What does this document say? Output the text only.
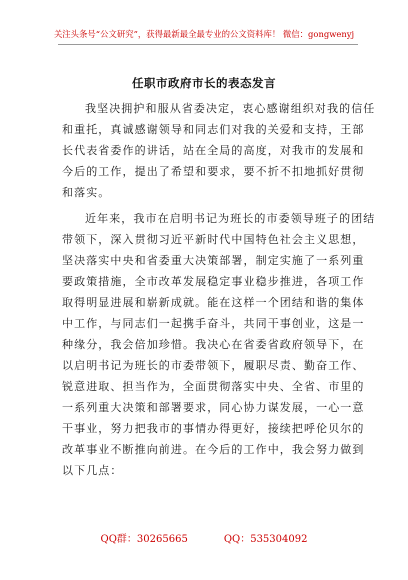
关注头条号“公文研究”，获得最新最全最专业的公文资料库！ 微信：gongwenyj
任职市政府市长的表态发言
我坚决拥护和服从省委决定，衷心感谢组织对我的信任
和重托，真诚感谢领导和同志们对我的关爱和支持，王部
长代表省委作的讲话，站在全局的高度，对我市的发展和
今后的工作，提出了希望和要求，要不折不扣地抓好贯彻
和落实。
近年来，我市在启明书记为班长的市委领导班子的团结
带领下，深入贯彻习近平新时代中国特色社会主义思想，
坚决落实中央和省委重大决策部署，制定实施了一系列重
要政策措施，全市改革发展稳定事业稳步推进，各项工作
取得明显进展和崭新成就。能在这样一个团结和谐的集体
中工作，与同志们一起携手奋斗，共同干事创业，这是一
种缘分，我会倍加珍惜。我决心在省委省政府领导下，在
以启明书记为班长的市委带领下，履职尽责、勤奋工作、
锐意进取、担当作为，全面贯彻落实中央、全省、市里的
一系列重大决策和部署要求，同心协力谋发展，一心一意
干事业，努力把我市的事情办得更好，接续把呼伦贝尔的
改革事业不断推向前进。在今后的工作中，我会努力做到
以下几点：
QQ群：30265665	QQ：535304092
